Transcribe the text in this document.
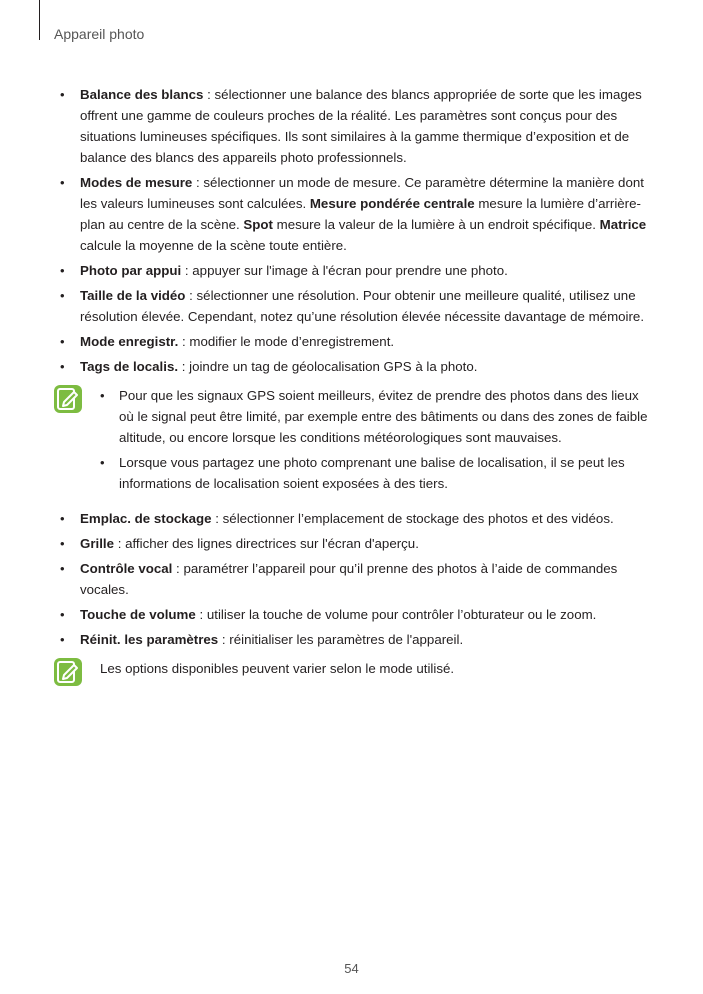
Appareil photo
• Balance des blancs : sélectionner une balance des blancs appropriée de sorte que les images offrent une gamme de couleurs proches de la réalité. Les paramètres sont conçus pour des situations lumineuses spécifiques. Ils sont similaires à la gamme thermique d’exposition et de balance des blancs des appareils photo professionnels.
• Modes de mesure : sélectionner un mode de mesure. Ce paramètre détermine la manière dont les valeurs lumineuses sont calculées. Mesure pondérée centrale mesure la lumière d’arrière-plan au centre de la scène. Spot mesure la valeur de la lumière à un endroit spécifique. Matrice calcule la moyenne de la scène toute entière.
• Photo par appui : appuyer sur l'image à l'écran pour prendre une photo.
• Taille de la vidéo : sélectionner une résolution. Pour obtenir une meilleure qualité, utilisez une résolution élevée. Cependant, notez qu’une résolution élevée nécessite davantage de mémoire.
• Mode enregistr. : modifier le mode d’enregistrement.
• Tags de localis. : joindre un tag de géolocalisation GPS à la photo.
• Pour que les signaux GPS soient meilleurs, évitez de prendre des photos dans des lieux où le signal peut être limité, par exemple entre des bâtiments ou dans des zones de faible altitude, ou encore lorsque les conditions météorologiques sont mauvaises.
• Lorsque vous partagez une photo comprenant une balise de localisation, il se peut les informations de localisation soient exposées à des tiers.
• Emplac. de stockage : sélectionner l’emplacement de stockage des photos et des vidéos.
• Grille : afficher des lignes directrices sur l'écran d'aperçu.
• Contrôle vocal : paramétrer l’appareil pour qu’il prenne des photos à l’aide de commandes vocales.
• Touche de volume : utiliser la touche de volume pour contrôler l’obturateur ou le zoom.
• Réinit. les paramètres : réinitialiser les paramètres de l'appareil.

Les options disponibles peuvent varier selon le mode utilisé.

54
